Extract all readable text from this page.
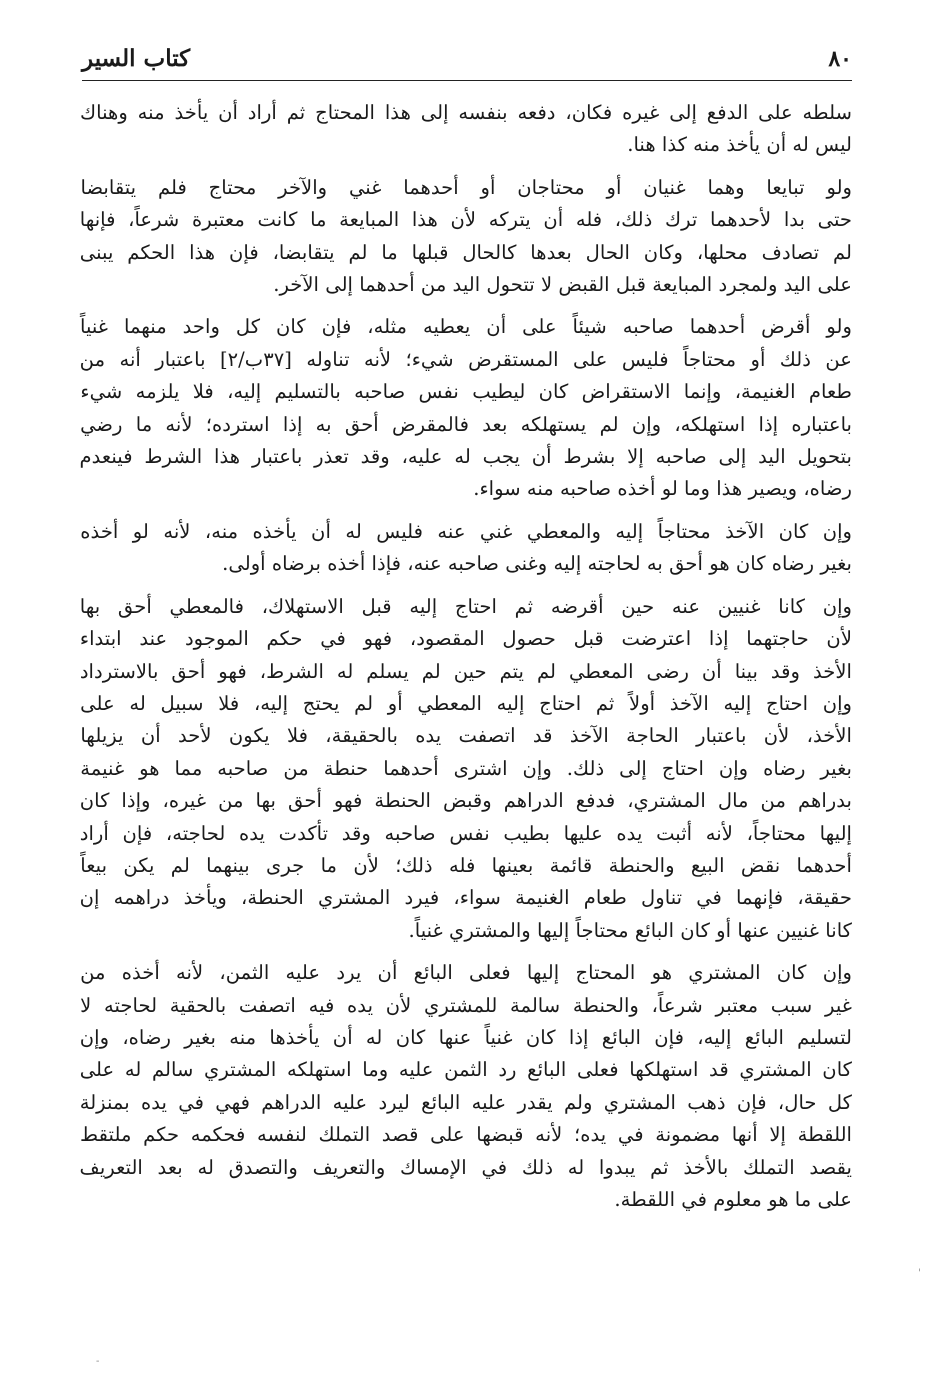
كتاب السير	٨٠
سلطه على الدفع إلى غيره فكان، دفعه بنفسه إلى هذا المحتاج ثم أراد أن يأخذ منه وهناك
ليس له أن يأخذ منه كذا هنا.
ولو تبايعا وهما غنيان أو محتاجان أو أحدهما غني والآخر محتاج فلم يتقابضا
حتى بدا لأحدهما ترك ذلك، فله أن يتركه لأن هذا المبايعة ما كانت معتبرة شرعاً، فإنها
لم تصادف محلها، وكان الحال بعدها كالحال قبلها ما لم يتقابضا، فإن هذا الحكم يبنى
على اليد ولمجرد المبايعة قبل القبض لا تتحول اليد من أحدهما إلى الآخر.
ولو أقرض أحدهما صاحبه شيئاً على أن يعطيه مثله، فإن كان كل واحد منهما غنياً
عن ذلك أو محتاجاً فليس على المستقرض شيء؛ لأنه تناوله [٣٧ب/٢] باعتبار أنه من
طعام الغنيمة، وإنما الاستقراض كان ليطيب نفس صاحبه بالتسليم إليه، فلا يلزمه شيء
باعتباره إذا استهلكه، وإن لم يستهلكه بعد فالمقرض أحق به إذا استرده؛ لأنه ما رضي
بتحويل اليد إلى صاحبه إلا بشرط أن يجب له عليه، وقد تعذر باعتبار هذا الشرط فينعدم
رضاه، ويصير هذا وما لو أخذه صاحبه منه سواء.
وإن كان الآخذ محتاجاً إليه والمعطي غني عنه فليس له أن يأخذه منه، لأنه لو أخذه
بغير رضاه كان هو أحق به لحاجته إليه وغنى صاحبه عنه، فإذا أخذه برضاه أولى.
وإن كانا غنيين عنه حين أقرضه ثم احتاج إليه قبل الاستهلاك، فالمعطي أحق بها
لأن حاجتهما إذا اعترضت قبل حصول المقصود، فهو في حكم الموجود عند ابتداء
الأخذ وقد بينا أن رضى المعطي لم يتم حين لم يسلم له الشرط، فهو أحق بالاسترداد
وإن احتاج إليه الآخذ أولاً ثم احتاج إليه المعطي أو لم يحتج إليه، فلا سبيل له على
الأخذ، لأن باعتبار الحاجة الآخذ قد اتصفت يده بالحقيقة، فلا يكون لأحد أن يزيلها
بغير رضاه وإن احتاج إلى ذلك. وإن اشترى أحدهما حنطة من صاحبه مما هو غنيمة
بدراهم من مال المشتري، فدفع الدراهم وقبض الحنطة فهو أحق بها من غيره، وإذا كان
إليها محتاجاً، لأنه أثبت يده عليها بطيب نفس صاحبه وقد تأكدت يده لحاجته، فإن أراد
أحدهما نقض البيع والحنطة قائمة بعينها فله ذلك؛ لأن ما جرى بينهما لم يكن بيعاً
حقيقة، فإنهما في تناول طعام الغنيمة سواء، فيرد المشتري الحنطة، ويأخذ دراهمه إن
كانا غنيين عنها أو كان البائع محتاجاً إليها والمشتري غنياً.
وإن كان المشتري هو المحتاج إليها فعلى البائع أن يرد عليه الثمن، لأنه أخذه من
غير سبب معتبر شرعاً، والحنطة سالمة للمشتري لأن يده فيه اتصفت بالحقية لحاجته لا
لتسليم البائع إليه، فإن البائع إذا كان غنياً عنها كان له أن يأخذها منه بغير رضاه، وإن
كان المشتري قد استهلكها فعلى البائع رد الثمن عليه وما استهلكه المشتري سالم له على
كل حال، فإن ذهب المشتري ولم يقدر عليه البائع ليرد عليه الدراهم فهي في يده بمنزلة
اللقطة إلا أنها مضمونة في يده؛ لأنه قبضها على قصد التملك لنفسه فحكمه حكم ملتقط
يقصد التملك بالأخذ ثم يبدوا له ذلك في الإمساك والتعريف والتصدق له بعد التعريف
على ما هو معلوم في اللقطة.
-
'
